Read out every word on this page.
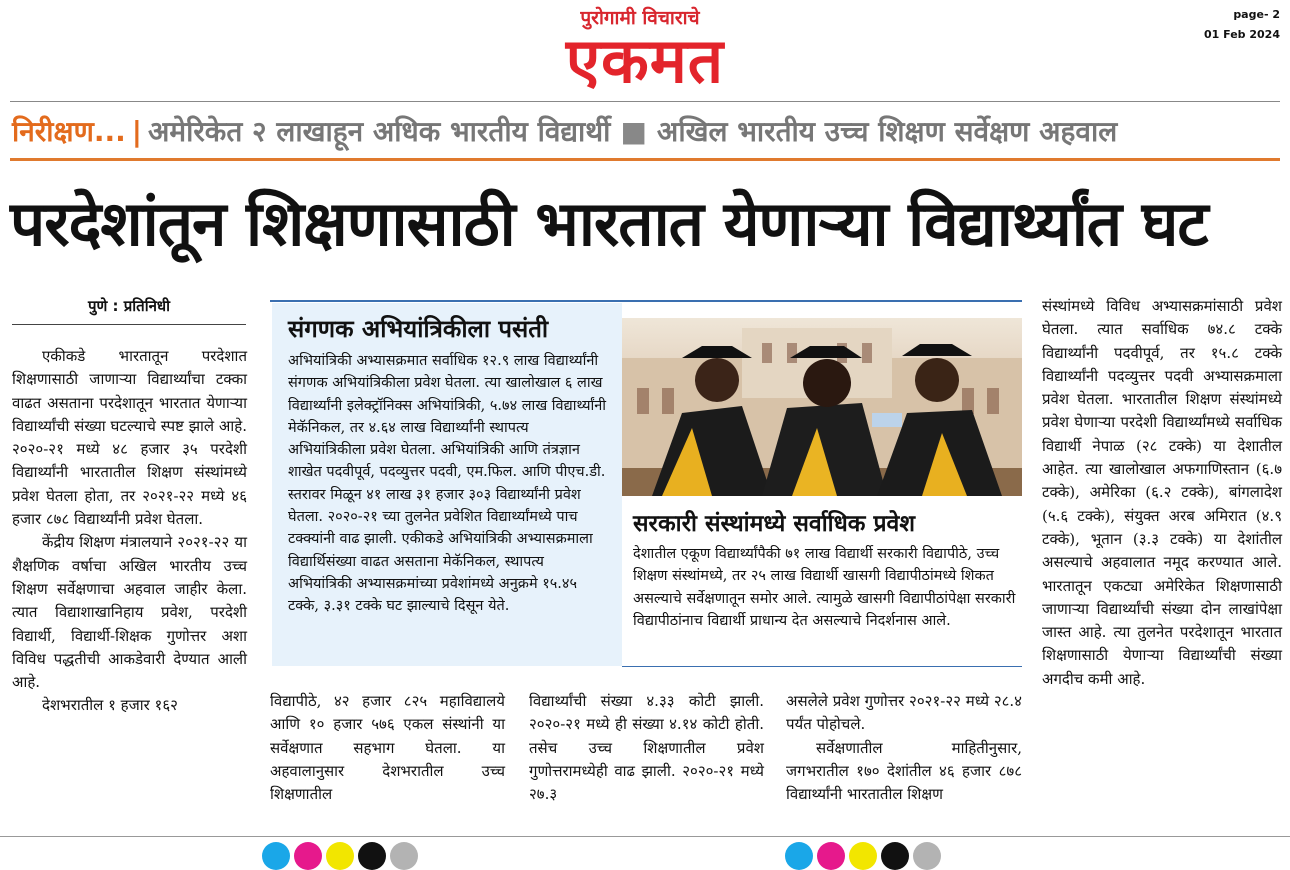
पुरोगामी विचाराचे
एकमत
page- 2
01 Feb 2024
निरीक्षण... | अमेरिकेत २ लाखाहून अधिक भारतीय विद्यार्थी ■ अखिल भारतीय उच्च शिक्षण सर्वेक्षण अहवाल
परदेशांतून शिक्षणासाठी भारतात येणाऱ्या विद्यार्थ्यांत घट
पुणे : प्रतिनिधी

एकीकडे भारतातून परदेशात शिक्षणासाठी जाणाऱ्या विद्यार्थ्यांचा टक्का वाढत असताना परदेशातून भारतात येणाऱ्या विद्यार्थ्यांची संख्या घटल्याचे स्पष्ट झाले आहे. २०२०-२१ मध्ये ४८ हजार ३५ परदेशी विद्यार्थ्यांनी भारतातील शिक्षण संस्थांमध्ये प्रवेश घेतला होता, तर २०२१-२२ मध्ये ४६ हजार ८७८ विद्यार्थ्यांनी प्रवेश घेतला.

केंद्रीय शिक्षण मंत्रालयाने २०२१-२२ या शैक्षणिक वर्षाचा अखिल भारतीय उच्च शिक्षण सर्वेक्षणाचा अहवाल जाहीर केला. त्यात विद्याशाखानिहाय प्रवेश, परदेशी विद्यार्थी, विद्यार्थी-शिक्षक गुणोत्तर अशा विविध पद्धतीची आकडेवारी देण्यात आली आहे.

देशभरातील १ हजार १६२

संगणक अभियांत्रिकीला पसंती
अभियांत्रिकी अभ्यासक्रमात सर्वाधिक १२.९ लाख विद्यार्थ्यांनी संगणक अभियांत्रिकीला प्रवेश घेतला. त्या खालोखाल ६ लाख विद्यार्थ्यांनी इलेक्ट्रॉनिक्स अभियांत्रिकी, ५.७४ लाख विद्यार्थ्यांनी मेकॅनिकल, तर ४.६४ लाख विद्यार्थ्यांनी स्थापत्य अभियांत्रिकीला प्रवेश घेतला. अभियांत्रिकी आणि तंत्रज्ञान शाखेत पदवीपूर्व, पदव्युत्तर पदवी, एम.फिल. आणि पीएच.डी. स्तरावर मिळून ४१ लाख ३१ हजार ३०३ विद्यार्थ्यांनी प्रवेश घेतला. २०२०-२१ च्या तुलनेत प्रवेशित विद्यार्थ्यांमध्ये पाच टक्क्यांनी वाढ झाली. एकीकडे अभियांत्रिकी अभ्यासक्रमाला विद्यार्थिसंख्या वाढत असताना मेकॅनिकल, स्थापत्य अभियांत्रिकी अभ्यासक्रमांच्या प्रवेशांमध्ये अनुक्रमे १५.४५ टक्के, ३.३१ टक्के घट झाल्याचे दिसून येते.
सरकारी संस्थांमध्ये सर्वाधिक प्रवेश
देशातील एकूण विद्यार्थ्यांपैकी ७१ लाख विद्यार्थी सरकारी विद्यापीठे, उच्च शिक्षण संस्थांमध्ये, तर २५ लाख विद्यार्थी खासगी विद्यापीठांमध्ये शिकत असल्याचे सर्वेक्षणातून समोर आले. त्यामुळे खासगी विद्यापीठांपेक्षा सरकारी विद्यापीठांनाच विद्यार्थी प्राधान्य देत असल्याचे निदर्शनास आले.

विद्यापीठे, ४२ हजार ८२५ महाविद्यालये आणि १० हजार ५७६ एकल संस्थांनी या सर्वेक्षणात सहभाग घेतला. या अहवालानुसार देशभरातील उच्च शिक्षणातील

विद्यार्थ्यांची संख्या ४.३३ कोटी झाली. २०२०-२१ मध्ये ही संख्या ४.१४ कोटी होती. तसेच उच्च शिक्षणातील प्रवेश गुणोत्तरामध्येही वाढ झाली. २०२०-२१ मध्ये २७.३

असलेले प्रवेश गुणोत्तर २०२१-२२ मध्ये २८.४ पर्यंत पोहोचले.

सर्वेक्षणातील माहितीनुसार, जगभरातील १७० देशांतील ४६ हजार ८७८ विद्यार्थ्यांनी भारतातील शिक्षण

संस्थांमध्ये विविध अभ्यासक्रमांसाठी प्रवेश घेतला. त्यात सर्वाधिक ७४.८ टक्के विद्यार्थ्यांनी पदवीपूर्व, तर १५.८ टक्के विद्यार्थ्यांनी पदव्युत्तर पदवी अभ्यासक्रमाला प्रवेश घेतला. भारतातील शिक्षण संस्थांमध्ये प्रवेश घेणाऱ्या परदेशी विद्यार्थ्यांमध्ये सर्वाधिक विद्यार्थी नेपाळ (२८ टक्के) या देशातील आहेत. त्या खालोखाल अफगाणिस्तान (६.७ टक्के), अमेरिका (६.२ टक्के), बांगलादेश (५.६ टक्के), संयुक्त अरब अमिरात (४.९ टक्के), भूतान (३.३ टक्के) या देशांतील असल्याचे अहवालात नमूद करण्यात आले. भारतातून एकट्या अमेरिकेत शिक्षणासाठी जाणाऱ्या विद्यार्थ्यांची संख्या दोन लाखांपेक्षा जास्त आहे. त्या तुलनेत परदेशातून भारतात शिक्षणासाठी येणाऱ्या विद्यार्थ्यांची संख्या अगदीच कमी आहे.
